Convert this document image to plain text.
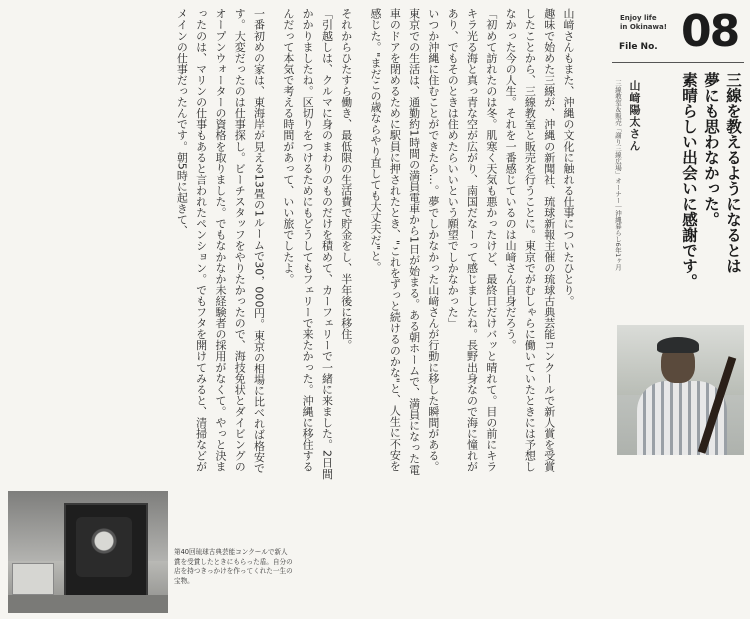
Enjoy life
in Okinawa!
File No. 08
三線を教えるようになるとは
夢にも思わなかった。
素晴らしい出会いに感謝です。
山﨑陽太さん
三線教室＆販売「謝り三線広場」オーナー｜沖縄暮らし6年1ヶ月

山﨑さんもまた、沖縄の文化に触れる仕事についたひとり。

趣味で始めた三線が、沖縄の新聞社、琉球新報主催の琉球古典芸能コンクールで新人賞を受賞したことから、三線教室と販売を行うことに。東京でがむしゃらに働いていたときには予想しなかった今の人生。それを一番感じているのは山﨑さん自身だろう。

「初めて訪れたのは冬。肌寒く天気も悪かったけど、最終日だけバッと晴れて。目の前にキラキラ光る海と真っ青な空が広がり、南国だなーって感じましたね。長野出身なので海に憧れがあり、でもそのときは住めたらいいという願望でしかなかった」

いつか沖縄に住むことができたら…。夢でしかなかった山﨑さんが行動に移した瞬間がある。東京での生活は、通勤約1時間の満員電車から1日が始まる。ある朝ホームで、満員になった電車のドアを閉めるために駅員に押されたとき、"これをずっと続けるのかな"と、人生に不安を感じた。"まだこの歳ならやり直しても大丈夫だ"と。

それからひたすら働き、最低限の生活費で貯金をし、半年後に移住。

「引越しは、クルマに身のまわりのものだけを積めて、カーフェリーで一緒に来ました。2日間かかりましたね。区切りをつけるためにもどうしてもフェリーで来たかった。沖縄に移住するんだって本気で考える時間があって、いい旅でしたよ。

一番初めの家は、東海岸が見える13畳の1ルームで30，000円。東京の相場に比べれば格安です。大変だったのは仕事探し。ビーチスタッフをやりたかったので、海技免状とダイビングのオープンウォーターの資格を取りました。でもなかなか未経験者の採用がなくて。やっと決まったのは、マリンの仕事もあると言われたペンション。でもフタを開けてみると、清掃などがメインの仕事だったんです。朝5時に起きて、

第40回琉球古典芸能コンクールで新人賞を受賞したときにもらった盾。自分の店を持つきっかけを作ってくれた一生の宝物。
